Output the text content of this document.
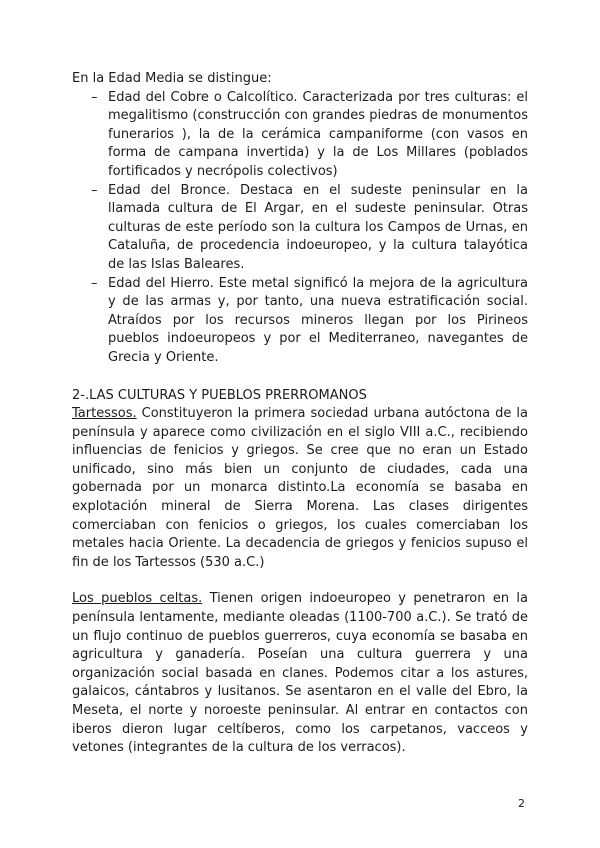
En la Edad Media se distingue:

– Edad del Cobre o Calcolítico. Caracterizada por tres culturas: el megalitismo (construcción con grandes piedras de monumentos funerarios ), la de la cerámica campaniforme (con vasos en forma de campana invertida) y la de Los Millares (poblados fortificados y necrópolis colectivos)
– Edad del Bronce. Destaca en el sudeste peninsular en la llamada cultura de El Argar, en el sudeste peninsular. Otras culturas de este período son la cultura los Campos de Urnas, en Cataluña, de procedencia indoeuropeo, y la cultura talayótica de las Islas Baleares.
– Edad del Hierro. Este metal significó la mejora de la agricultura y de las armas y, por tanto, una nueva estratificación social. Atraídos por los recursos mineros llegan por los Pirineos pueblos indoeuropeos y por el Mediterraneo, navegantes de Grecia y Oriente.

2-.LAS CULTURAS Y PUEBLOS PRERROMANOS

Tartessos. Constituyeron la primera sociedad urbana autóctona de la península y aparece como civilización en el siglo VIII a.C., recibiendo influencias de fenicios y griegos. Se cree que no eran un Estado unificado, sino más bien un conjunto de ciudades, cada una gobernada por un monarca distinto.La economía se basaba en explotación mineral de Sierra Morena. Las clases dirigentes comerciaban con fenicios o griegos, los cuales comerciaban los metales hacia Oriente. La decadencia de griegos y fenicios supuso el fin de los Tartessos (530 a.C.)

Los pueblos celtas. Tienen origen indoeuropeo y penetraron en la península lentamente, mediante oleadas (1100-700 a.C.). Se trató de un flujo continuo de pueblos guerreros, cuya economía se basaba en agricultura y ganadería. Poseían una cultura guerrera y una organización social basada en clanes. Podemos citar a los astures, galaicos, cántabros y lusitanos. Se asentaron en el valle del Ebro, la Meseta, el norte y noroeste peninsular. Al entrar en contactos con iberos dieron lugar celtíberos, como los carpetanos, vacceos y vetones (integrantes de la cultura de los verracos).

2
